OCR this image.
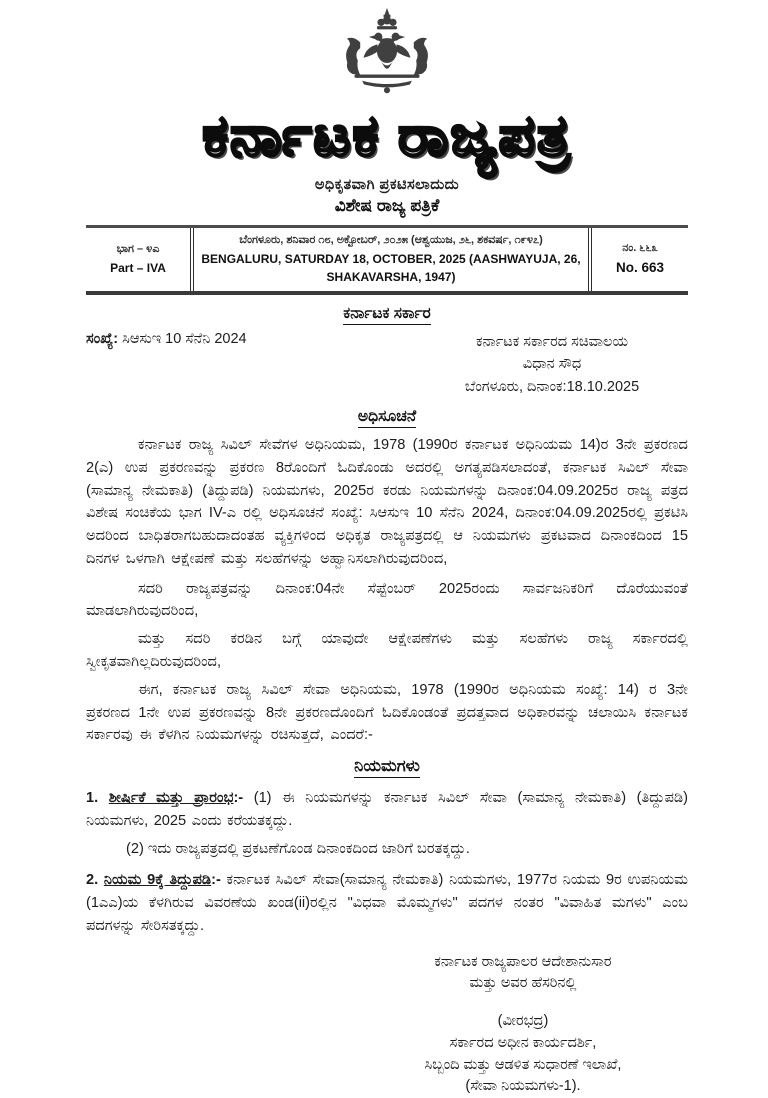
ಕರ್ನಾಟಕ ರಾಜ್ಯಪತ್ರ
ಅಧಿಕೃತವಾಗಿ ಪ್ರಕಟಿಸಲಾದುದು
ವಿಶೇಷ ರಾಜ್ಯ ಪತ್ರಿಕೆ
ಭಾಗ – ೪ಎ
Part – IVA
ಬೆಂಗಳೂರು, ಶನಿವಾರ ೧೮, ಅಕ್ಟೋಬರ್, ೨೦೨೫ (ಆಶ್ವಯುಜ, ೨೬, ಶಕವರ್ಷ, ೧೯೪೭)
BENGALURU, SATURDAY 18, OCTOBER, 2025 (AASHWAYUJA, 26, SHAKAVARSHA, 1947)
ನಂ. ೬೬೩
No. 663
ಕರ್ನಾಟಕ ಸರ್ಕಾರ
ಸಂಖ್ಯೆ: ಸಿಆಸುಇ 10 ಸೆನೆನಿ 2024	ಕರ್ನಾಟಕ ಸರ್ಕಾರದ ಸಚಿವಾಲಯ
ವಿಧಾನ ಸೌಧ
ಬೆಂಗಳೂರು, ದಿನಾಂಕ:18.10.2025
ಅಧಿಸೂಚನೆ

ಕರ್ನಾಟಕ ರಾಜ್ಯ ಸಿವಿಲ್ ಸೇವೆಗಳ ಅಧಿನಿಯಮ, 1978 (1990ರ ಕರ್ನಾಟಕ ಅಧಿನಿಯಮ 14)ರ 3ನೇ ಪ್ರಕರಣದ 2(ಎ) ಉಪ ಪ್ರಕರಣವನ್ನು ಪ್ರಕರಣ 8ರೊಂದಿಗೆ ಓದಿಕೊಂಡು ಅದರಲ್ಲಿ ಅಗತ್ಯಪಡಿಸಲಾದಂತೆ, ಕರ್ನಾಟಕ ಸಿವಿಲ್ ಸೇವಾ (ಸಾಮಾನ್ಯ ನೇಮಕಾತಿ) (ತಿದ್ದುಪಡಿ) ನಿಯಮಗಳು, 2025ರ ಕರಡು ನಿಯಮಗಳನ್ನು ದಿನಾಂಕ:04.09.2025ರ ರಾಜ್ಯ ಪತ್ರದ ವಿಶೇಷ ಸಂಚಿಕೆಯ ಭಾಗ IV-ಎ ರಲ್ಲಿ ಅಧಿಸೂಚನೆ ಸಂಖ್ಯೆ: ಸಿಆಸುಇ 10 ಸೆನೆನಿ 2024, ದಿನಾಂಕ:04.09.2025ರಲ್ಲಿ ಪ್ರಕಟಿಸಿ ಅದರಿಂದ ಬಾಧಿತರಾಗಬಹುದಾದಂತಹ ವ್ಯಕ್ತಿಗಳಿಂದ ಅಧಿಕೃತ ರಾಜ್ಯಪತ್ರದಲ್ಲಿ ಆ ನಿಯಮಗಳು ಪ್ರಕಟವಾದ ದಿನಾಂಕದಿಂದ 15 ದಿನಗಳ ಒಳಗಾಗಿ ಆಕ್ಷೇಪಣೆ ಮತ್ತು ಸಲಹೆಗಳನ್ನು ಅಹ್ವಾನಿಸಲಾಗಿರುವುದರಿಂದ,

ಸದರಿ ರಾಜ್ಯಪತ್ರವನ್ನು ದಿನಾಂಕ:04ನೇ ಸೆಪ್ಟೆಂಬರ್ 2025ರಂದು ಸಾರ್ವಜನಿಕರಿಗೆ ದೊರೆಯುವಂತೆ ಮಾಡಲಾಗಿರುವುದರಿಂದ,

ಮತ್ತು ಸದರಿ ಕರಡಿನ ಬಗ್ಗೆ ಯಾವುದೇ ಆಕ್ಷೇಪಣೆಗಳು ಮತ್ತು ಸಲಹೆಗಳು ರಾಜ್ಯ ಸರ್ಕಾರದಲ್ಲಿ ಸ್ವೀಕೃತವಾಗಿಲ್ಲದಿರುವುದರಿಂದ,

ಈಗ, ಕರ್ನಾಟಕ ರಾಜ್ಯ ಸಿವಿಲ್ ಸೇವಾ ಅಧಿನಿಯಮ, 1978 (1990ರ ಅಧಿನಿಯಮ ಸಂಖ್ಯೆ: 14) ರ 3ನೇ ಪ್ರಕರಣದ 1ನೇ ಉಪ ಪ್ರಕರಣವನ್ನು 8ನೇ ಪ್ರಕರಣದೊಂದಿಗೆ ಓದಿಕೊಂಡಂತೆ ಪ್ರದತ್ತವಾದ ಅಧಿಕಾರವನ್ನು ಚಲಾಯಿಸಿ ಕರ್ನಾಟಕ ಸರ್ಕಾರವು ಈ ಕೆಳಗಿನ ನಿಯಮಗಳನ್ನು ರಚಿಸುತ್ತದೆ, ಎಂದರೆ:-

ನಿಯಮಗಳು

1. ಶೀರ್ಷಿಕೆ ಮತ್ತು ಪ್ರಾರಂಭ:- (1) ಈ ನಿಯಮಗಳನ್ನು ಕರ್ನಾಟಕ ಸಿವಿಲ್ ಸೇವಾ (ಸಾಮಾನ್ಯ ನೇಮಕಾತಿ) (ತಿದ್ದುಪಡಿ) ನಿಯಮಗಳು, 2025 ಎಂದು ಕರೆಯತಕ್ಕದ್ದು.

(2) ಇದು ರಾಜ್ಯಪತ್ರದಲ್ಲಿ ಪ್ರಕಟಣೆಗೊಂಡ ದಿನಾಂಕದಿಂದ ಜಾರಿಗೆ ಬರತಕ್ಕದ್ದು.

2. ನಿಯಮ 9ಕ್ಕೆ ತಿದ್ದುಪಡಿ:- ಕರ್ನಾಟಕ ಸಿವಿಲ್ ಸೇವಾ(ಸಾಮಾನ್ಯ ನೇಮಕಾತಿ) ನಿಯಮಗಳು, 1977ರ ನಿಯಮ 9ರ ಉಪನಿಯಮ (1ಎಎ)ಯ ಕೆಳಗಿರುವ ವಿವರಣೆಯ ಖಂಡ(ii)ರಲ್ಲಿನ "ವಿಧವಾ ಮೊಮ್ಮಗಳು" ಪದಗಳ ನಂತರ "ವಿವಾಹಿತ ಮಗಳು" ಎಂಬ ಪದಗಳನ್ನು ಸೇರಿಸತಕ್ಕದ್ದು.

ಕರ್ನಾಟಕ ರಾಜ್ಯಪಾಲರ ಆದೇಶಾನುಸಾರ
ಮತ್ತು ಅವರ ಹೆಸರಿನಲ್ಲಿ
(ವೀರಭದ್ರ)
ಸರ್ಕಾರದ ಅಧೀನ ಕಾರ್ಯದರ್ಶಿ,
ಸಿಬ್ಬಂದಿ ಮತ್ತು ಆಡಳಿತ ಸುಧಾರಣೆ ಇಲಾಖೆ,
(ಸೇವಾ ನಿಯಮಗಳು-1).
